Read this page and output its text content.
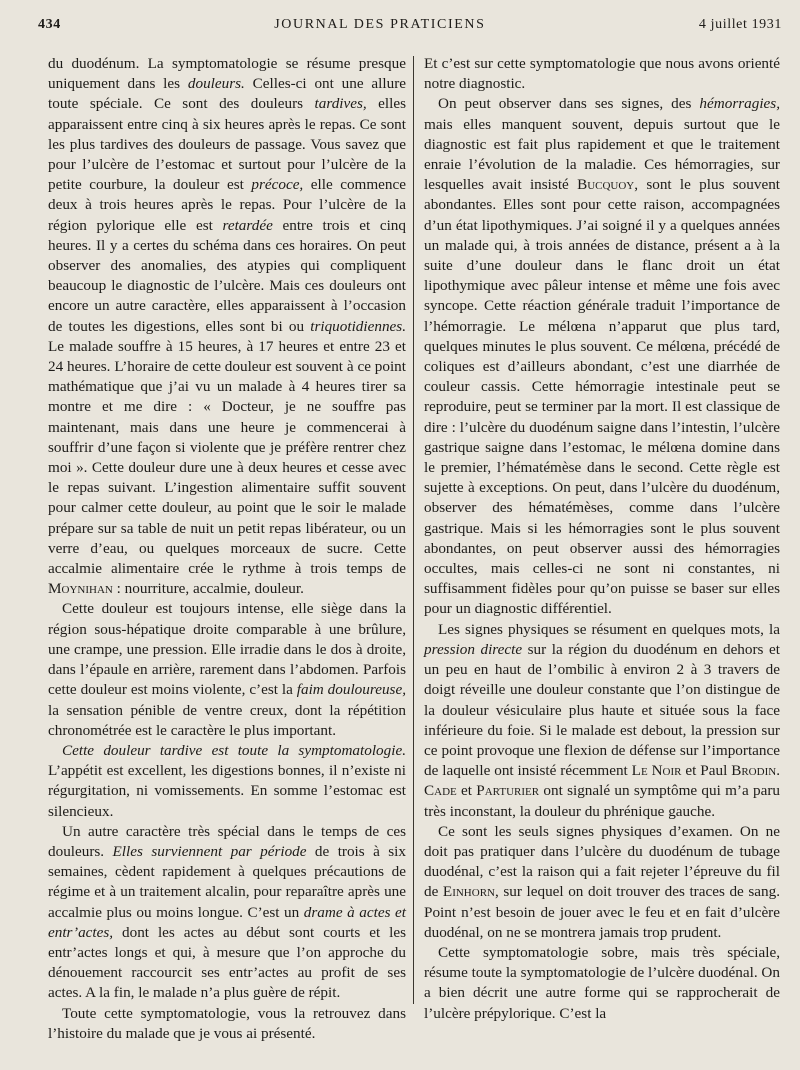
434	JOURNAL DES PRATICIENS	4 juillet 1931

du duodénum. La symptomatologie se résume presque uniquement dans les douleurs. Celles-ci ont une allure toute spéciale. Ce sont des douleurs tardives, elles apparaissent entre cinq à six heures après le repas. Ce sont les plus tardives des douleurs de passage. Vous savez que pour l’ulcère de l’estomac et surtout pour l’ulcère de la petite courbure, la douleur est précoce, elle commence deux à trois heures après le repas. Pour l’ulcère de la région pylorique elle est retardée entre trois et cinq heures. Il y a certes du schéma dans ces horaires. On peut observer des anomalies, des atypies qui compliquent beaucoup le diagnostic de l’ulcère. Mais ces douleurs ont encore un autre caractère, elles apparaissent à l’occasion de toutes les digestions, elles sont bi ou triquotidiennes. Le malade souffre à 15 heures, à 17 heures et entre 23 et 24 heures. L’horaire de cette douleur est souvent à ce point mathématique que j’ai vu un malade à 4 heures tirer sa montre et me dire : « Docteur, je ne souffre pas maintenant, mais dans une heure je commencerai à souffrir d’une façon si violente que je préfère rentrer chez moi ». Cette douleur dure une à deux heures et cesse avec le repas suivant. L’ingestion alimentaire suffit souvent pour calmer cette douleur, au point que le soir le malade prépare sur sa table de nuit un petit repas libérateur, ou un verre d’eau, ou quelques morceaux de sucre. Cette accalmie alimentaire crée le rythme à trois temps de Moynihan : nourriture, accalmie, douleur.

Cette douleur est toujours intense, elle siège dans la région sous-hépatique droite comparable à une brûlure, une crampe, une pression. Elle irradie dans le dos à droite, dans l’épaule en arrière, rarement dans l’abdomen. Parfois cette douleur est moins violente, c’est la faim douloureuse, la sensation pénible de ventre creux, dont la répétition chronométrée est le caractère le plus important.

Cette douleur tardive est toute la symptomatologie. L’appétit est excellent, les digestions bonnes, il n’existe ni régurgitation, ni vomissements. En somme l’estomac est silencieux.

Un autre caractère très spécial dans le temps de ces douleurs. Elles surviennent par période de trois à six semaines, cèdent rapidement à quelques précautions de régime et à un traitement alcalin, pour reparaître après une accalmie plus ou moins longue. C’est un drame à actes et entr’actes, dont les actes au début sont courts et les entr’actes longs et qui, à mesure que l’on approche du dénouement raccourcit ses entr’actes au profit de ses actes. A la fin, le malade n’a plus guère de répit.

Toute cette symptomatologie, vous la retrouvez dans l’histoire du malade que je vous ai présenté.

Et c’est sur cette symptomatologie que nous avons orienté notre diagnostic.

On peut observer dans ses signes, des hémorragies, mais elles manquent souvent, depuis surtout que le diagnostic est fait plus rapidement et que le traitement enraie l’évolution de la maladie. Ces hémorragies, sur lesquelles avait insisté Bucquoy, sont le plus souvent abondantes. Elles sont pour cette raison, accompagnées d’un état lipothymiques. J’ai soigné il y a quelques années un malade qui, à trois années de distance, présent a à la suite d’une douleur dans le flanc droit un état lipothymique avec pâleur intense et même une fois avec syncope. Cette réaction générale traduit l’importance de l’hémorragie. Le mélœna n’apparut que plus tard, quelques minutes le plus souvent. Ce mélœna, précédé de coliques est d’ailleurs abondant, c’est une diarrhée de couleur cassis. Cette hémorragie intestinale peut se reproduire, peut se terminer par la mort. Il est classique de dire : l’ulcère du duodénum saigne dans l’intestin, l’ulcère gastrique saigne dans l’estomac, le mélœna domine dans le premier, l’hématémèse dans le second. Cette règle est sujette à exceptions. On peut, dans l’ulcère du duodénum, observer des hématémèses, comme dans l’ulcère gastrique. Mais si les hémorragies sont le plus souvent abondantes, on peut observer aussi des hémorragies occultes, mais celles-ci ne sont ni constantes, ni suffisamment fidèles pour qu’on puisse se baser sur elles pour un diagnostic différentiel.

Les signes physiques se résument en quelques mots, la pression directe sur la région du duodénum en dehors et un peu en haut de l’ombilic à environ 2 à 3 travers de doigt réveille une douleur constante que l’on distingue de la douleur vésiculaire plus haute et située sous la face inférieure du foie. Si le malade est debout, la pression sur ce point provoque une flexion de défense sur l’importance de laquelle ont insisté récemment Le Noir et Paul Brodin. Cade et Parturier ont signalé un symptôme qui m’a paru très inconstant, la douleur du phrénique gauche.

Ce sont les seuls signes physiques d’examen. On ne doit pas pratiquer dans l’ulcère du duodénum de tubage duodénal, c’est la raison qui a fait rejeter l’épreuve du fil de Einhorn, sur lequel on doit trouver des traces de sang. Point n’est besoin de jouer avec le feu et en fait d’ulcère duodénal, on ne se montrera jamais trop prudent.

Cette symptomatologie sobre, mais très spéciale, résume toute la symptomatologie de l’ulcère duodénal. On a bien décrit une autre forme qui se rapprocherait de l’ulcère prépylorique. C’est la
